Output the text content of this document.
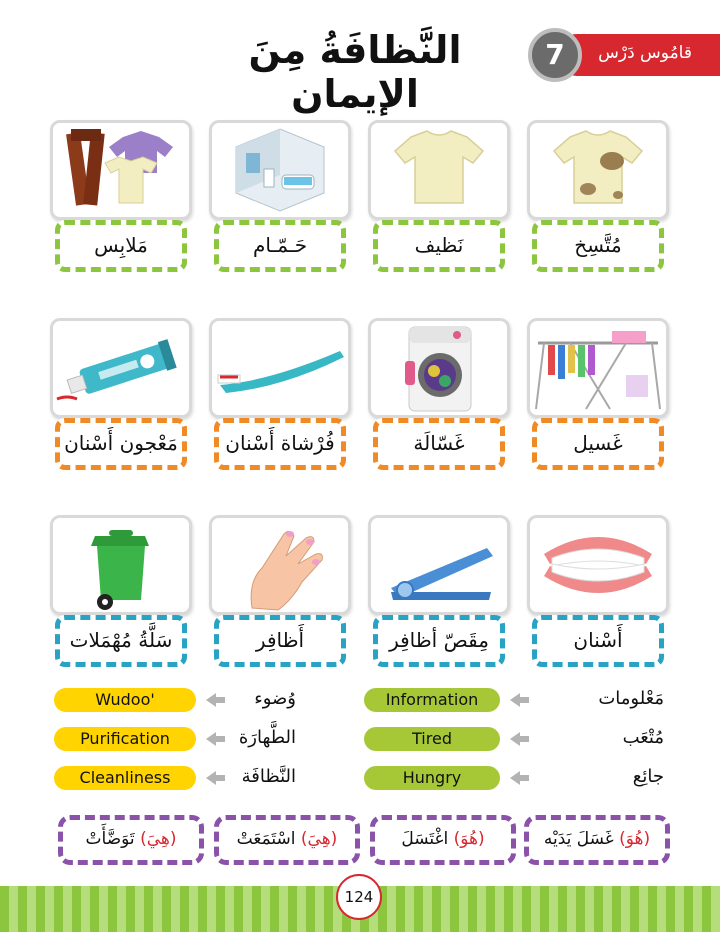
النَّظافَةُ مِنَ الإيمان
قامُوس دَرْس
7
مَلابِس	حَـمّـام	نَظيف	مُتَّسِخ
مَعْجون أَسْنان	فُرْشاة أَسْنان	غَسّالَة	غَسيل
سَلَّةُ مُهْمَلات	أَظافِر	مِقَصّ أظافِر	أَسْنان
Information	مَعْلومات
Tired	مُتْعَب
Hungry	جائِع
Wudoo'	وُضوء
Purification	الطَّهارَة
Cleanliness	النَّظافَة
(هِيَ) تَوَضَّأَتْ	(هِيَ) اسْتَمَعَتْ	(هُوَ) اغْتَسَلَ	(هُوَ) غَسَلَ يَدَيْه
124
